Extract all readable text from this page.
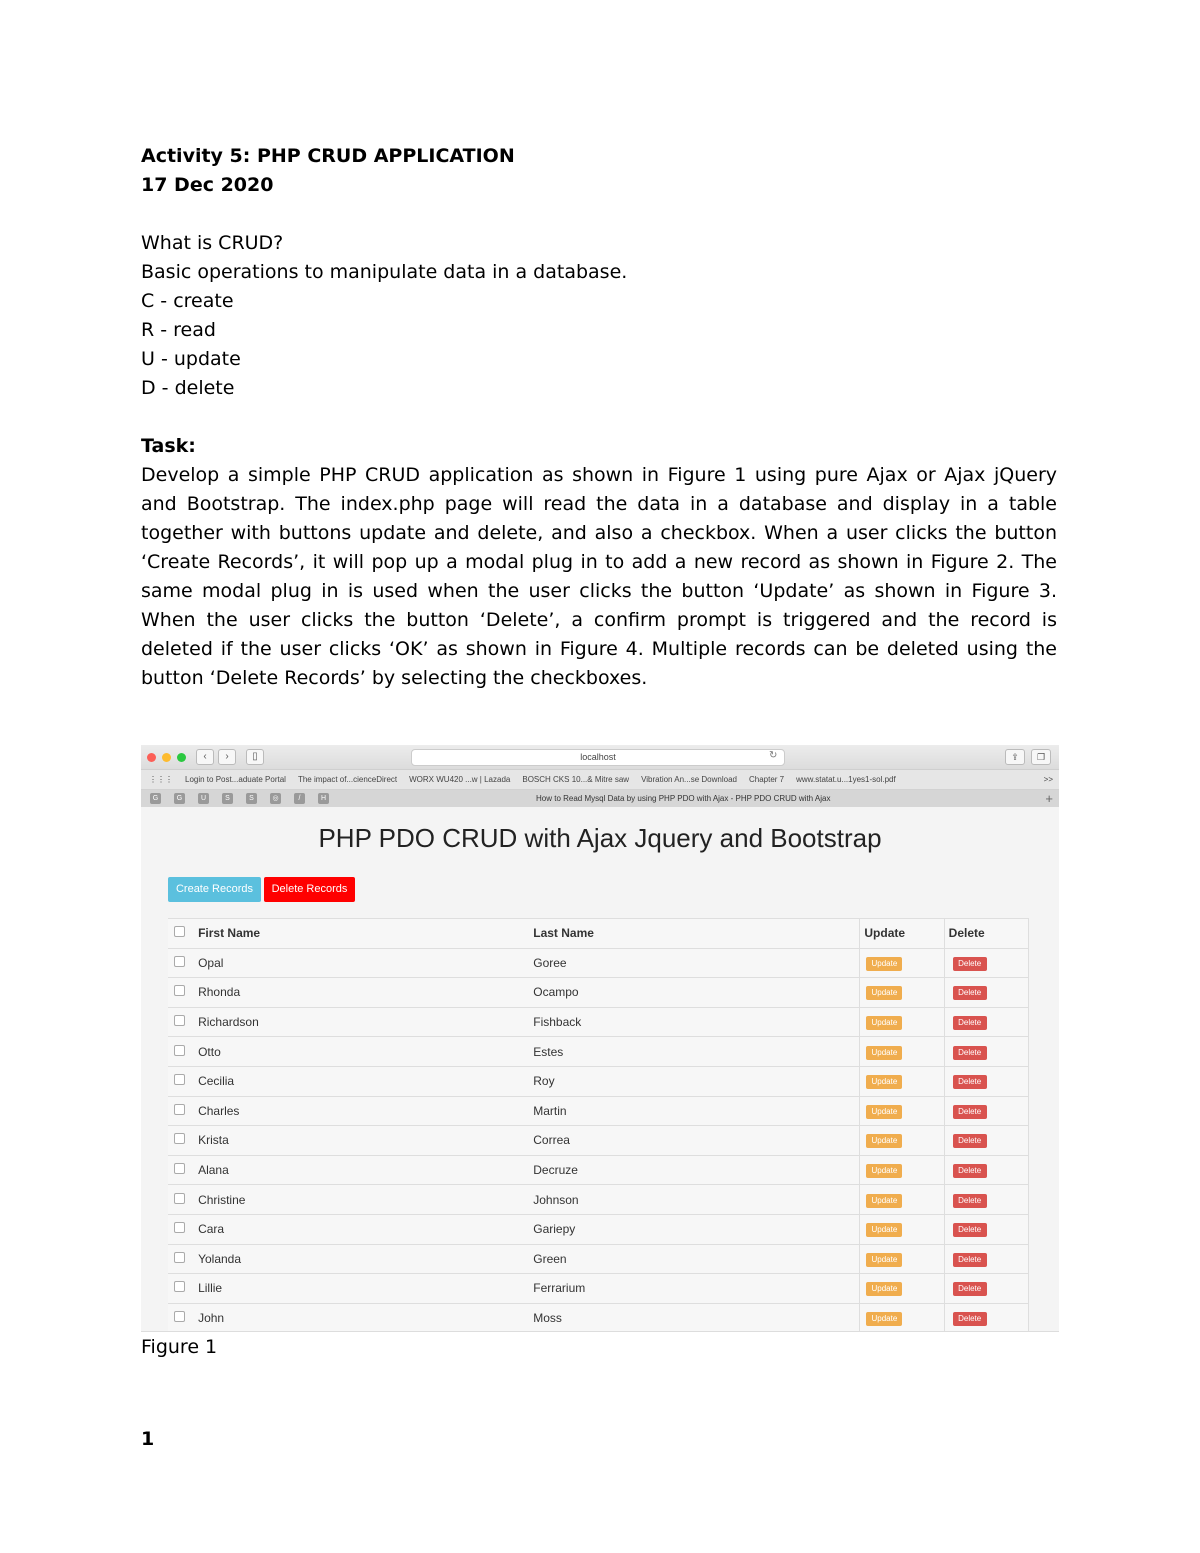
Activity 5: PHP CRUD APPLICATION
17 Dec 2020
What is CRUD?
Basic operations to manipulate data in a database.
C - create
R - read
U - update
D - delete
Task:
Develop a simple PHP CRUD application as shown in Figure 1 using pure Ajax or Ajax jQuery and Bootstrap. The index.php page will read the data in a database and display in a table together with buttons update and delete, and also a checkbox. When a user clicks the button ‘Create Records’, it will pop up a modal plug in to add a new record as shown in Figure 2. The same modal plug in is used when the user clicks the button ‘Update’ as shown in Figure 3. When the user clicks the button ‘Delete’, a confirm prompt is triggered and the record is deleted if the user clicks ‘OK’ as shown in Figure 4. Multiple records can be deleted using the button ‘Delete Records’ by selecting the checkboxes.
‹	›	▯	localhost	↻	⇪	❐
⋮⋮⋮ Login to Post...aduate Portal The impact of...cienceDirect WORX WU420 ...w | Lazada BOSCH CKS 10...& Mitre saw Vibration An...se Download Chapter 7 www.statat.u...1yes1-sol.pdf	>>
G	G	U	S	S	◎	/	H	How to Read Mysql Data by using PHP PDO with Ajax - PHP PDO CRUD with Ajax	+
PHP PDO CRUD with Ajax Jquery and Bootstrap
Create Records	Delete Records
	First Name	Last Name	Update	Delete
	Opal	Goree	Update	Delete
	Rhonda	Ocampo	Update	Delete
	Richardson	Fishback	Update	Delete
	Otto	Estes	Update	Delete
	Cecilia	Roy	Update	Delete
	Charles	Martin	Update	Delete
	Krista	Correa	Update	Delete
	Alana	Decruze	Update	Delete
	Christine	Johnson	Update	Delete
	Cara	Gariepy	Update	Delete
	Yolanda	Green	Update	Delete
	Lillie	Ferrarium	Update	Delete
	John	Moss	Update	Delete
Figure 1
1
